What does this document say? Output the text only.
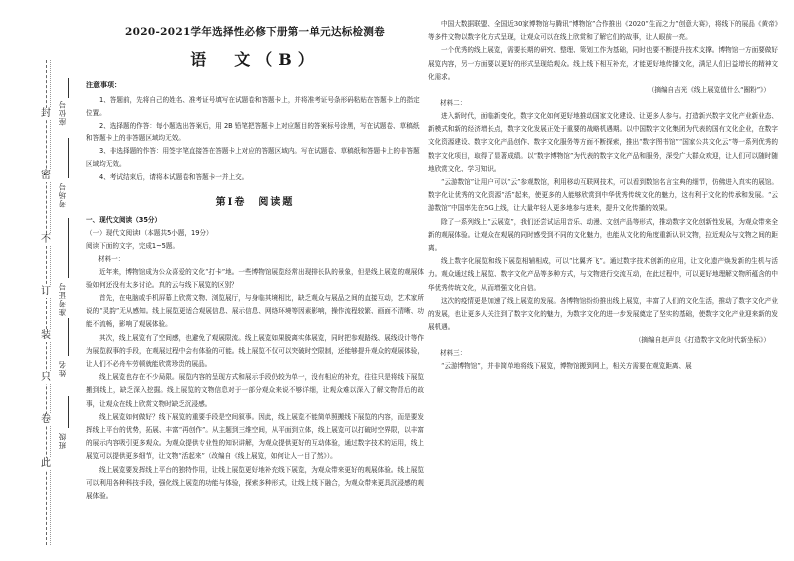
封
密
不
订
装
只
卷
此
座位号
考场号
准考证号
姓名
班级
2020-2021学年选择性必修下册第一单元达标检测卷
语　文（B）
注意事项：

1、答题前，先将自己的姓名、准考证号填写在试题卷和答题卡上，并将准考证号条形码粘贴在答题卡上的指定位置。

2、选择题的作答：每小题选出答案后，用 2B 铅笔把答题卡上对应题目的答案标号涂黑，写在试题卷、草稿纸和答题卡上的非答题区域均无效。

3、非选择题的作答：用签字笔直接答在答题卡上对应的答题区域内。写在试题卷、草稿纸和答题卡上的非答题区域均无效。

4、考试结束后，请将本试题卷和答题卡一并上交。

第Ⅰ卷　阅读题
一、现代文阅读（35分）
（一）现代文阅读Ⅰ（本题共5小题，19分）
阅读下面的文字，完成1~5题。
材料一：

近年来，博物馆成为公众喜爱的文化“打卡”地。一些博物馆展览经常出现排长队的景象，但是线上展览的观展体验如何还没有太多讨论。真的云与线下展览的区别？

首先，在电脑或手机屏幕上欣赏文物、浏览展厅，与身临其境相比，缺乏观众与展品之间的直接互动，艺术家所说的“灵韵”无从感知。线上展览更适合观展信息、展示信息、网络环境等因素影响，操作流程较繁、画面不清晰、功能不流畅，影响了观展体验。

其次，线上展览有了空间感，也避免了观展限流。线上展览如果脱离实体展览，同时把参观路线、展线设计等作为展览叙事的手段，在观展过程中会有体验的可能。线上展览不仅可以突破时空限制，还能够提升观众的观展体验，让人们不必舟车劳顿就能欣赏珍贵的展品。

线上展览也存在不少局限。展览内容的呈现方式和展示手段仍较为单一，没有相应的补充，往往只是将线下展览搬到线上，缺乏深入挖掘。线上展览的文物信息对于一部分观众来说不够详细，让观众难以深入了解文物背后的故事，让观众在线上欣赏文物时缺乏沉浸感。

线上展览如何做好？线下展览的重要手段是空间叙事。因此，线上展览不能简单照搬线下展览的内容，而是要发挥线上平台的优势，拓展、丰富“再创作”。从主题到三维空间，从平面到立体，线上展览可以打破时空界限，以丰富的展示内容吸引更多观众。为观众提供专业性的知识讲解，为观众提供更好的互动体验，通过数字技术的运用，线上展览可以提供更多细节，让文物“活起来”（改编自《线上展览，如何让人一目了然》）。

线上展览要发挥线上平台的独特作用，让线上展览更好地补充线下展览，为观众带来更好的观展体验。线上展览可以利用各种科技手段，强化线上展览的功能与体验，探索多种形式，让线上线下融合，为观众带来更具沉浸感的观展体验。

中国大数据联盟、全国近30家博物馆与腾讯“博物馆”合作推出《2020“生而之力”创意大赛》，将线下的展品《黄帝》等多件文物以数字化方式呈现，让观众可以在线上欣赏和了解它们的故事，让人眼前一亮。

一个优秀的线上展览，需要长期的研究、整理、策划工作为基础，同时也要不断提升技术支撑。博物馆一方面要做好展览内容，另一方面要以更好的形式呈现给观众。线上线下相互补充，才能更好地传播文化，满足人们日益增长的精神文化需求。

（摘编自吉光《线上展览值什么“圈粉”》）
材料二：

进入新时代，面临新变化，数字文化如何更好地推动国家文化建设、让更多人参与。打造新兴数字文化产业新业态、新模式和新的经济增长点，数字文化发展正处于重要的战略机遇期。以中国数字文化集团为代表的国有文化企业，在数字文化资源建设、数字文化产品创作、数字文化服务等方面不断探索，推出“数字图书馆”“国家公共文化云”等一系列优秀的数字文化项目，取得了显著成绩。以“数字博物馆”为代表的数字文化产品和服务，深受广大群众欢迎，让人们可以随时随地欣赏文化、学习知识。

“云游数馆”让用户可以“云”参观数馆，利用移动互联网技术，可以看到数馆名言宝典的细节，仿佛进入真实的展馆。数字化让优秀的文化资源“活”起来，使更多的人能够欣赏到中华优秀传统文化的魅力，这有利于文化的传承和发展。“云游数馆”中国率先在5G上线，让大量年轻人更多地参与进来，提升文化传播的效果。

除了一系列线上“云展览”，我们还尝试运用音乐、动漫、文创产品等形式，推动数字文化创新性发展，为观众带来全新的观展体验。让观众在观展的同时感受到不同的文化魅力，也能从文化的角度重新认识文物，拉近观众与文物之间的距离。

线上数字化展览和线下展览相辅相成，可以“比翼齐飞”。通过数字技术创新的应用，让文化遗产焕发新的生机与活力。观众通过线上展览、数字文化产品等多种方式，与文物进行交流互动，在此过程中，可以更好地理解文物所蕴含的中华优秀传统文化，从而增强文化自信。

这次的疫情更是加速了线上展览的发展。各博物馆纷纷推出线上展览，丰富了人们的文化生活，推动了数字文化产业的发展，也让更多人关注到了数字文化的魅力，为数字文化的进一步发展奠定了坚实的基础，使数字文化产业迎来新的发展机遇。

（摘编自赵声良《打造数字文化时代新坐标》）
材料三：

“云游博物馆”，并非简单地将线下展览，博物馆搬到网上，相关方需要在观览距离、展
